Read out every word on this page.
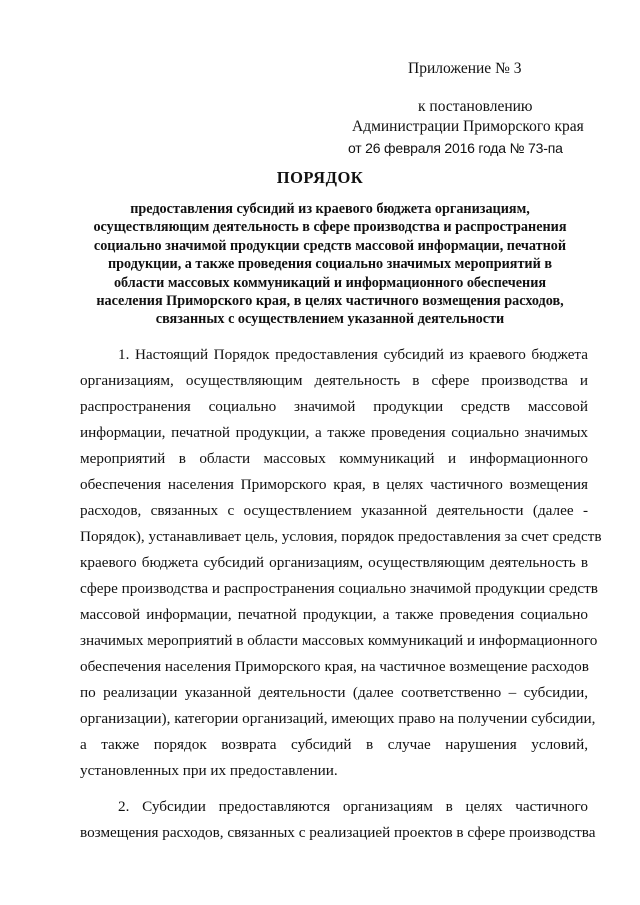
Приложение № 3
к постановлению
Администрации Приморского края
от 26 февраля 2016 года № 73-па
ПОРЯДОК
предоставления субсидий из краевого бюджета организациям,
осуществляющим деятельность в сфере производства и распространения
социально значимой продукции средств массовой информации, печатной
продукции, а также проведения социально значимых мероприятий в
области массовых коммуникаций и информационного обеспечения
населения Приморского края, в целях частичного возмещения расходов,
связанных с осуществлением указанной деятельности
1. Настоящий Порядок предоставления субсидий из краевого бюджета
организациям, осуществляющим деятельность в сфере производства и
распространения социально значимой продукции средств массовой
информации, печатной продукции, а также проведения социально значимых
мероприятий в области массовых коммуникаций и информационного
обеспечения населения Приморского края, в целях частичного возмещения
расходов, связанных с осуществлением указанной деятельности (далее -
Порядок), устанавливает цель, условия, порядок предоставления за счет средств
краевого бюджета субсидий организациям, осуществляющим деятельность в
сфере производства и распространения социально значимой продукции средств
массовой информации, печатной продукции, а также проведения социально
значимых мероприятий в области массовых коммуникаций и информационного
обеспечения населения Приморского края, на частичное возмещение расходов
по реализации указанной деятельности (далее соответственно – субсидии,
организации), категории организаций, имеющих право на получении субсидии,
а также порядок возврата субсидий в случае нарушения условий,
установленных при их предоставлении.
2. Субсидии предоставляются организациям в целях частичного
возмещения расходов, связанных с реализацией проектов в сфере производства
